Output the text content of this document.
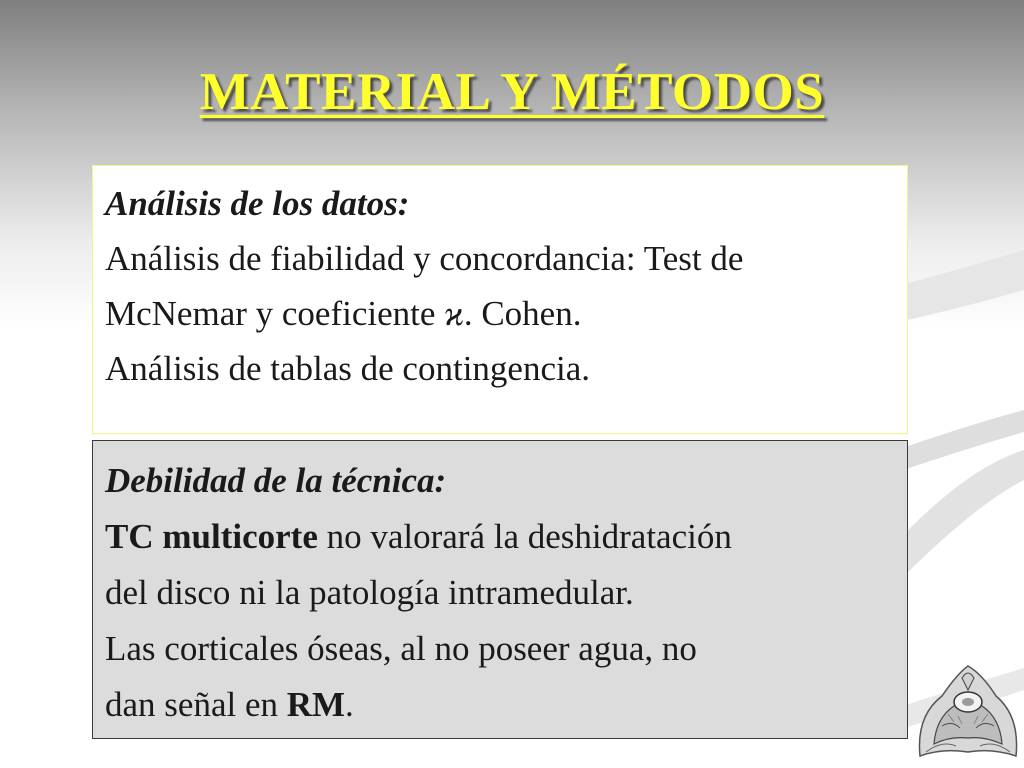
MATERIAL Y MÉTODOS
Análisis de los datos:
Análisis de fiabilidad y concordancia: Test de
McNemar y coeficiente ϰ. Cohen.
Análisis de tablas de contingencia.
Debilidad de la técnica:
TC multicorte no valorará la deshidratación
del disco ni la patología intramedular.
Las corticales óseas, al no poseer agua, no
dan señal en RM.
